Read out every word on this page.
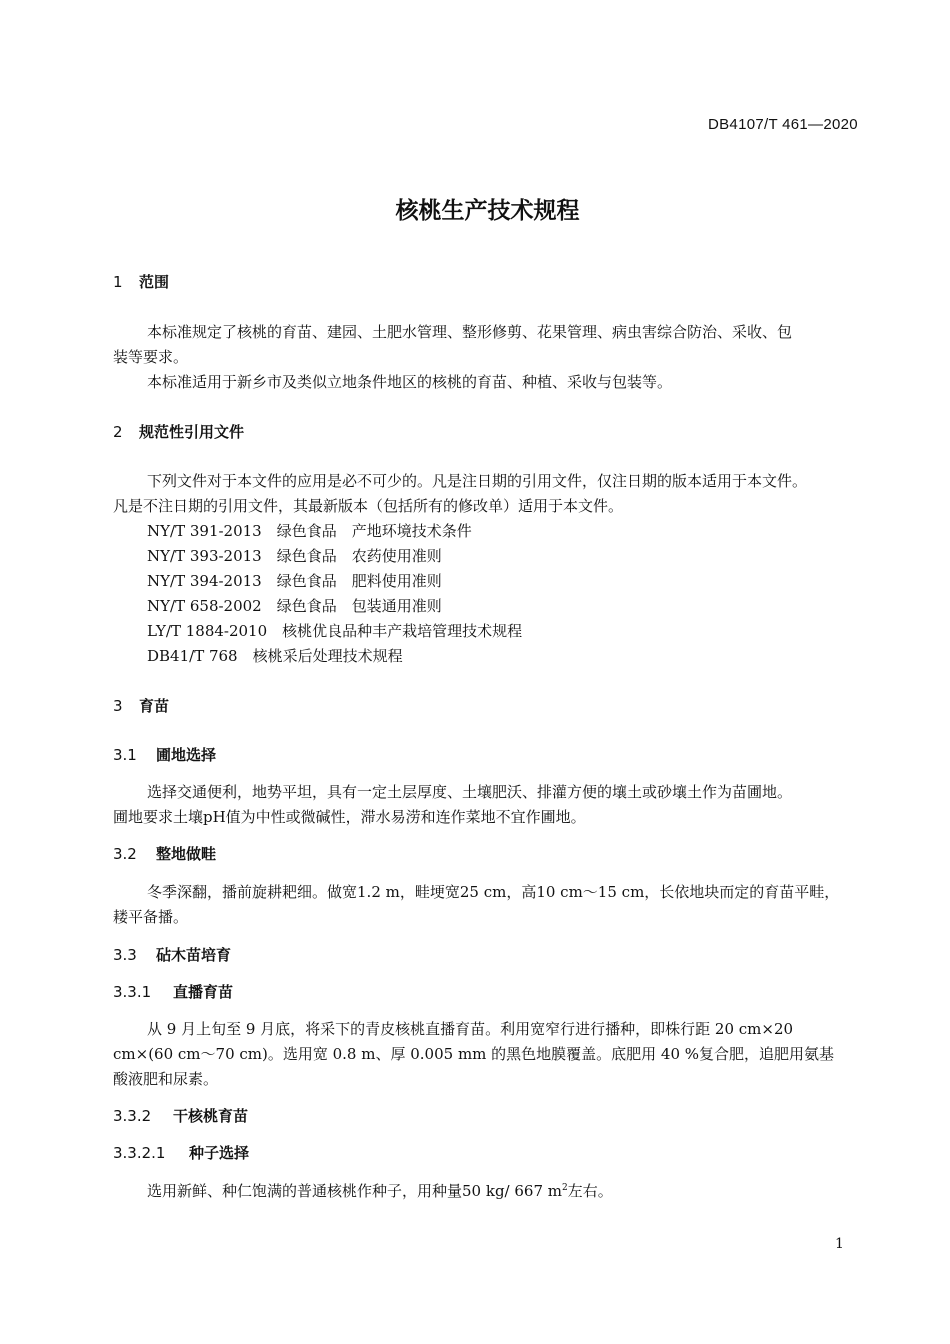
DB4107/T 461—2020
核桃生产技术规程
1 范围
本标准规定了核桃的育苗、建园、土肥水管理、整形修剪、花果管理、病虫害综合防治、采收、包
装等要求。
本标准适用于新乡市及类似立地条件地区的核桃的育苗、种植、采收与包装等。
2 规范性引用文件
下列文件对于本文件的应用是必不可少的。凡是注日期的引用文件，仅注日期的版本适用于本文件。
凡是不注日期的引用文件，其最新版本（包括所有的修改单）适用于本文件。
NY/T 391-2013　绿色食品　产地环境技术条件
NY/T 393-2013　绿色食品　农药使用准则
NY/T 394-2013　绿色食品　肥料使用准则
NY/T 658-2002　绿色食品　包装通用准则
LY/T 1884-2010　核桃优良品种丰产栽培管理技术规程
DB41/T 768　核桃采后处理技术规程
3 育苗
3.1 圃地选择
选择交通便利，地势平坦，具有一定土层厚度、土壤肥沃、排灌方便的壤土或砂壤土作为苗圃地。
圃地要求土壤pH值为中性或微碱性，滞水易涝和连作菜地不宜作圃地。
3.2 整地做畦
冬季深翻，播前旋耕耙细。做宽1.2 m，畦埂宽25 cm，高10 cm～15 cm，长依地块而定的育苗平畦，
耧平备播。
3.3 砧木苗培育
3.3.1 直播育苗
从 9 月上旬至 9 月底，将采下的青皮核桃直播育苗。利用宽窄行进行播种，即株行距 20 cm×20
cm×(60 cm～70 cm)。选用宽 0.8 m、厚 0.005 mm 的黑色地膜覆盖。底肥用 40 %复合肥，追肥用氨基
酸液肥和尿素。
3.3.2 干核桃育苗
3.3.2.1 种子选择
选用新鲜、种仁饱满的普通核桃作种子，用种量50 kg/ 667 $m^2$左右。
1
